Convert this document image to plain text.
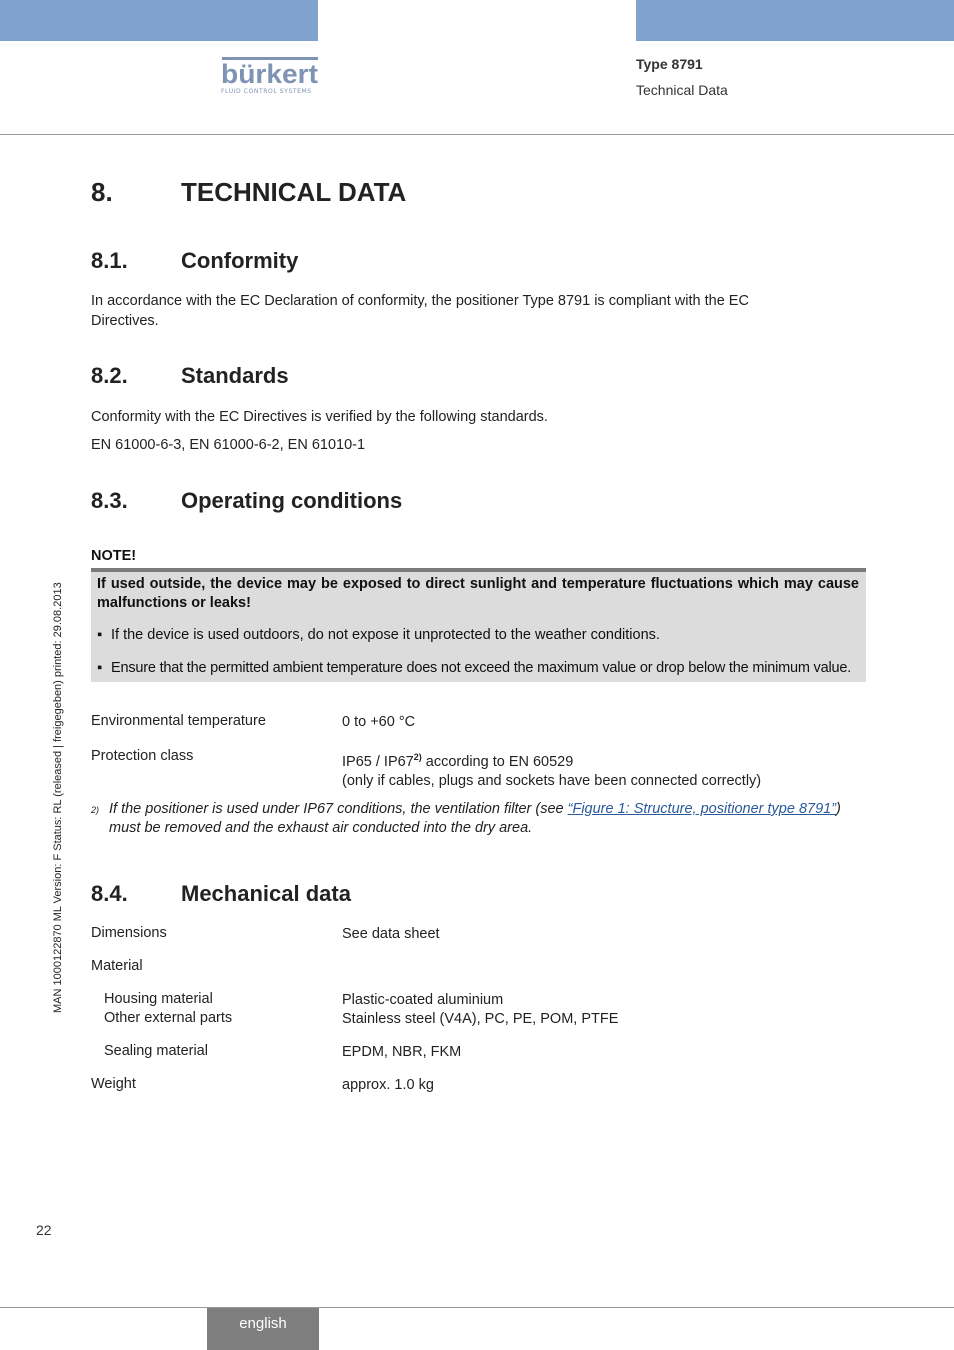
bürkert
FLUID CONTROL SYSTEMS
Type 8791
Technical Data
8.	TECHNICAL DATA
8.1. Conformity
In accordance with the EC Declaration of conformity, the positioner Type 8791 is compliant with the EC Directives.
8.2. Standards
Conformity with the EC Directives is verified by the following standards.
EN 61000-6-3, EN 61000-6-2, EN 61010-1
8.3. Operating conditions
NOTE!
If used outside, the device may be exposed to direct sunlight and temperature fluctuations which may cause malfunctions or leaks!
▪ If the device is used outdoors, do not expose it unprotected to the weather conditions.
▪ Ensure that the permitted ambient temperature does not exceed the maximum value or drop below the minimum value.
Environmental temperature	0 to +60 °C
Protection class	IP65 / IP67$^{2)}$ according to EN 60529
(only if cables, plugs and sockets have been connected correctly)
2) If the positioner is used under IP67 conditions, the ventilation filter (see “Figure 1: Structure, positioner type 8791”) must be removed and the exhaust air conducted into the dry area.
8.4. Mechanical data
Dimensions	See data sheet
Material
Housing material	Plastic-coated aluminium
Other external parts	Stainless steel (V4A), PC, PE, POM, PTFE
Sealing material	EPDM, NBR, FKM
Weight	approx. 1.0 kg
MAN 1000122870 ML Version: F Status: RL (released | freigegeben) printed: 29.08.2013
22
english
